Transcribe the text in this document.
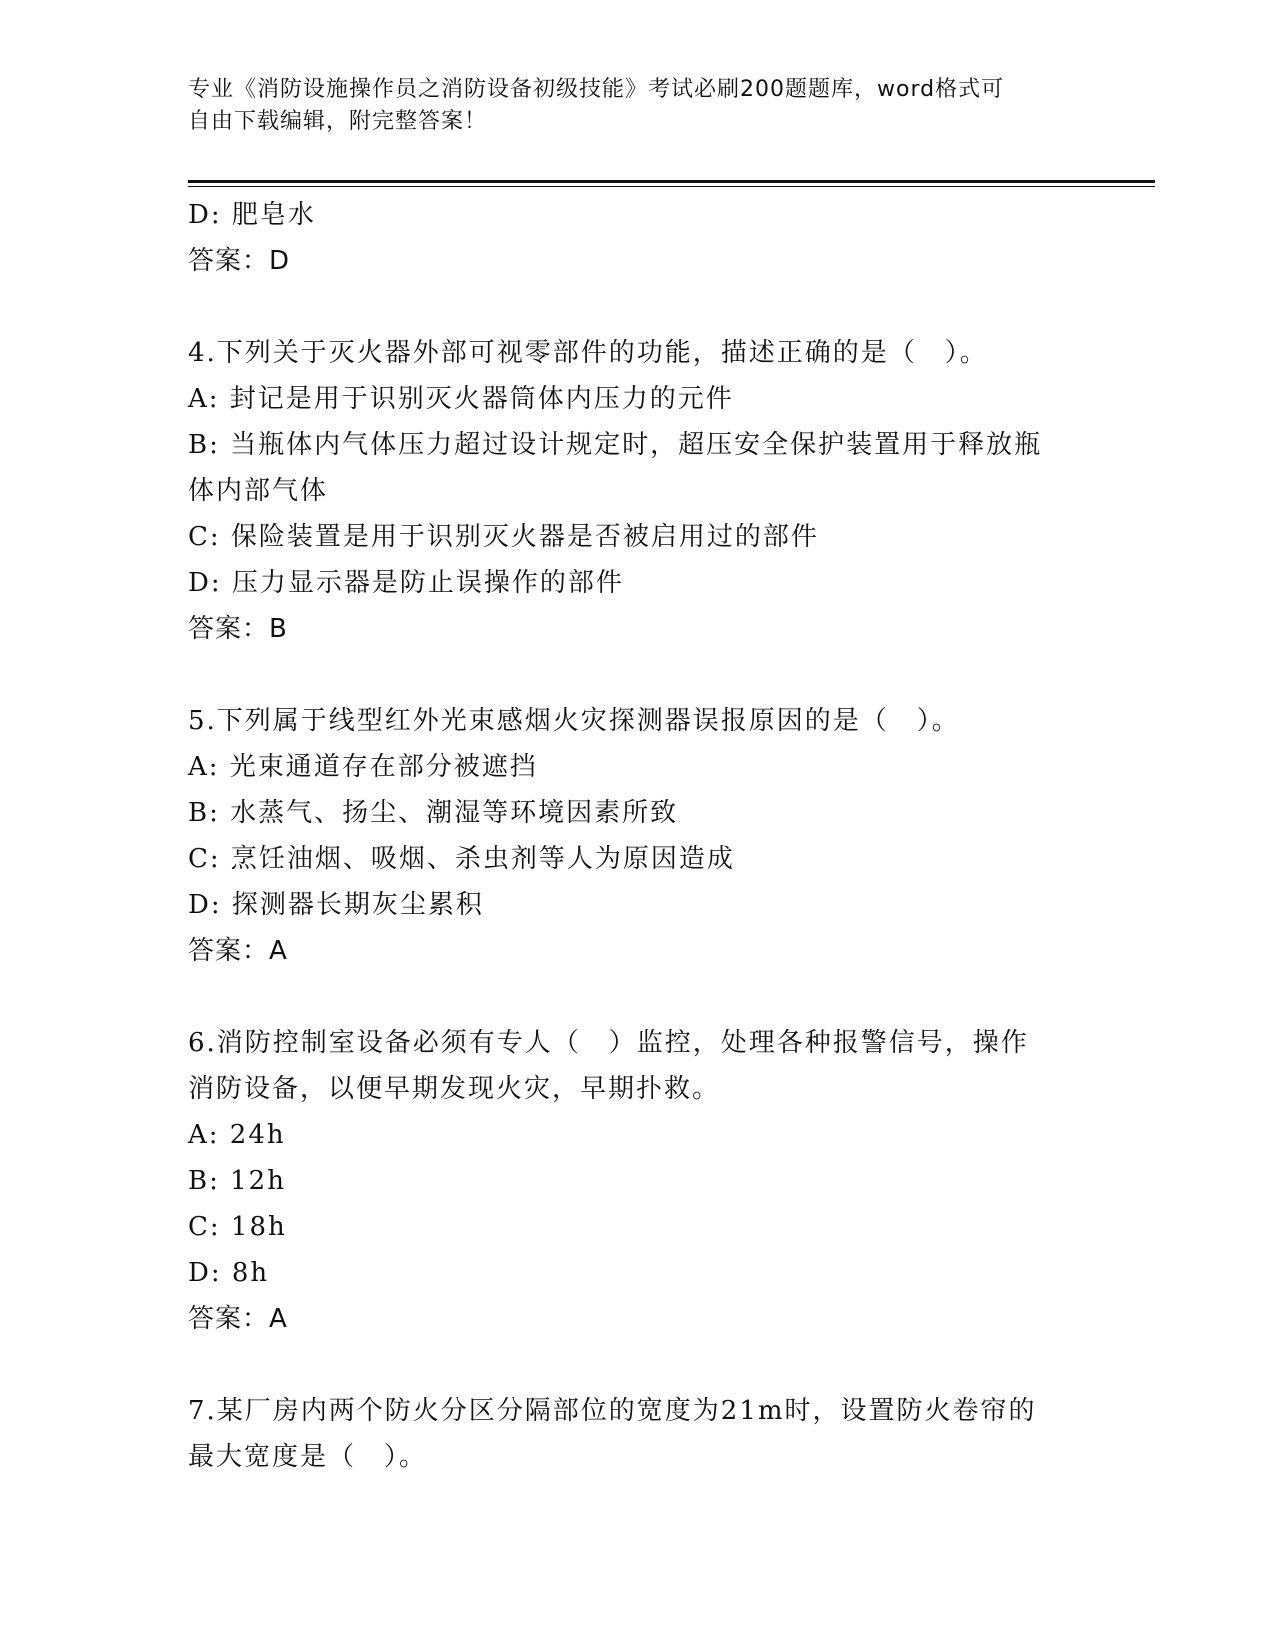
专业《消防设施操作员之消防设备初级技能》考试必刷200题题库，word格式可
自由下载编辑，附完整答案！
D: 肥皂水
答案：D
4.下列关于灭火器外部可视零部件的功能，描述正确的是（　）。
A: 封记是用于识别灭火器筒体内压力的元件
B: 当瓶体内气体压力超过设计规定时，超压安全保护装置用于释放瓶
体内部气体
C: 保险装置是用于识别灭火器是否被启用过的部件
D: 压力显示器是防止误操作的部件
答案：B
5.下列属于线型红外光束感烟火灾探测器误报原因的是（　）。
A: 光束通道存在部分被遮挡
B: 水蒸气、扬尘、潮湿等环境因素所致
C: 烹饪油烟、吸烟、杀虫剂等人为原因造成
D: 探测器长期灰尘累积
答案：A
6.消防控制室设备必须有专人（　）监控，处理各种报警信号，操作
消防设备，以便早期发现火灾，早期扑救。
A: 24h
B: 12h
C: 18h
D: 8h
答案：A
7.某厂房内两个防火分区分隔部位的宽度为21m时，设置防火卷帘的
最大宽度是（　）。
